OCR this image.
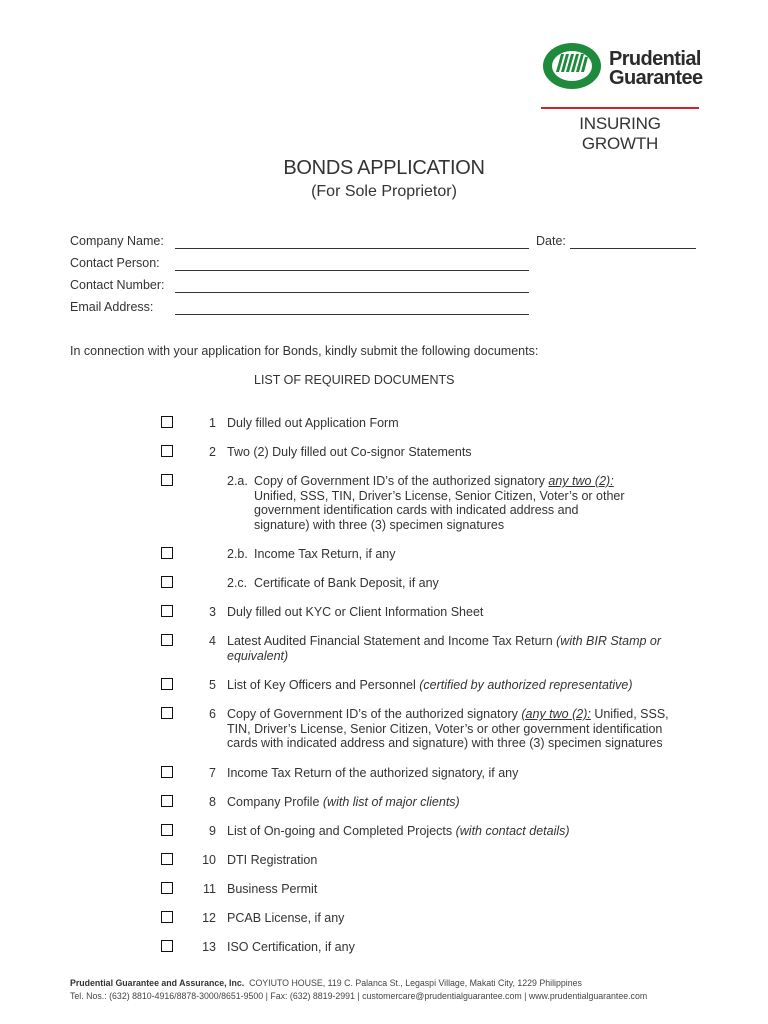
Prudential
Guarantee
INSURING GROWTH
BONDS APPLICATION
(For Sole Proprietor)
Company Name:	Date:
Contact Person:
Contact Number:
Email Address:
In connection with your application for Bonds, kindly submit the following documents:
LIST OF REQUIRED DOCUMENTS
1 Duly filled out Application Form
2 Two (2) Duly filled out Co-signor Statements
2.a. Copy of Government ID’s of the authorized signatory any two (2): Unified, SSS, TIN, Driver’s License, Senior Citizen, Voter’s or other government identification cards with indicated address and signature) with three (3) specimen signatures
2.b. Income Tax Return, if any
2.c. Certificate of Bank Deposit, if any
3 Duly filled out KYC or Client Information Sheet
4 Latest Audited Financial Statement and Income Tax Return (with BIR Stamp or equivalent)
5 List of Key Officers and Personnel (certified by authorized representative)
6 Copy of Government ID’s of the authorized signatory (any two (2): Unified, SSS, TIN, Driver’s License, Senior Citizen, Voter’s or other government identification cards with indicated address and signature) with three (3) specimen signatures
7 Income Tax Return of the authorized signatory, if any
8 Company Profile (with list of major clients)
9 List of On-going and Completed Projects (with contact details)
10 DTI Registration
11 Business Permit
12 PCAB License, if any
13 ISO Certification, if any
Prudential Guarantee and Assurance, Inc. COYIUTO HOUSE, 119 C. Palanca St., Legaspi Village, Makati City, 1229 Philippines
Tel. Nos.: (632) 8810-4916/8878-3000/8651-9500 | Fax: (632) 8819-2991 | customercare@prudentialguarantee.com | www.prudentialguarantee.com
